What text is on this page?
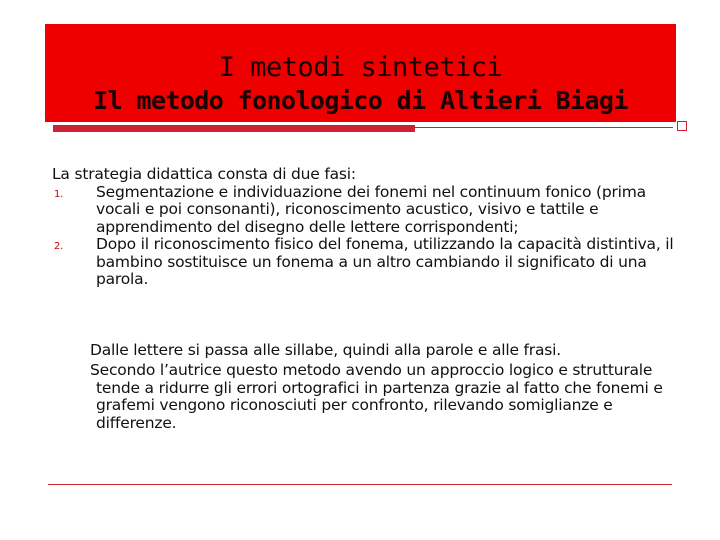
I metodi sintetici
Il metodo fonologico di Altieri Biagi

La strategia didattica consta di due fasi:

1. Segmentazione e individuazione dei fonemi nel continuum fonico (prima vocali e poi consonanti), riconoscimento acustico, visivo e tattile e apprendimento del disegno delle lettere corrispondenti;
2. Dopo il riconoscimento fisico del fonema, utilizzando la capacità distintiva, il bambino sostituisce un fonema a un altro cambiando il significato di una parola.
Dalle lettere si passa alle sillabe, quindi alla parole e alle frasi.
Secondo l’autrice questo metodo avendo un approccio logico e strutturale tende a ridurre gli errori ortografici in partenza grazie al fatto che fonemi e grafemi vengono riconosciuti per confronto, rilevando somiglianze e differenze.
